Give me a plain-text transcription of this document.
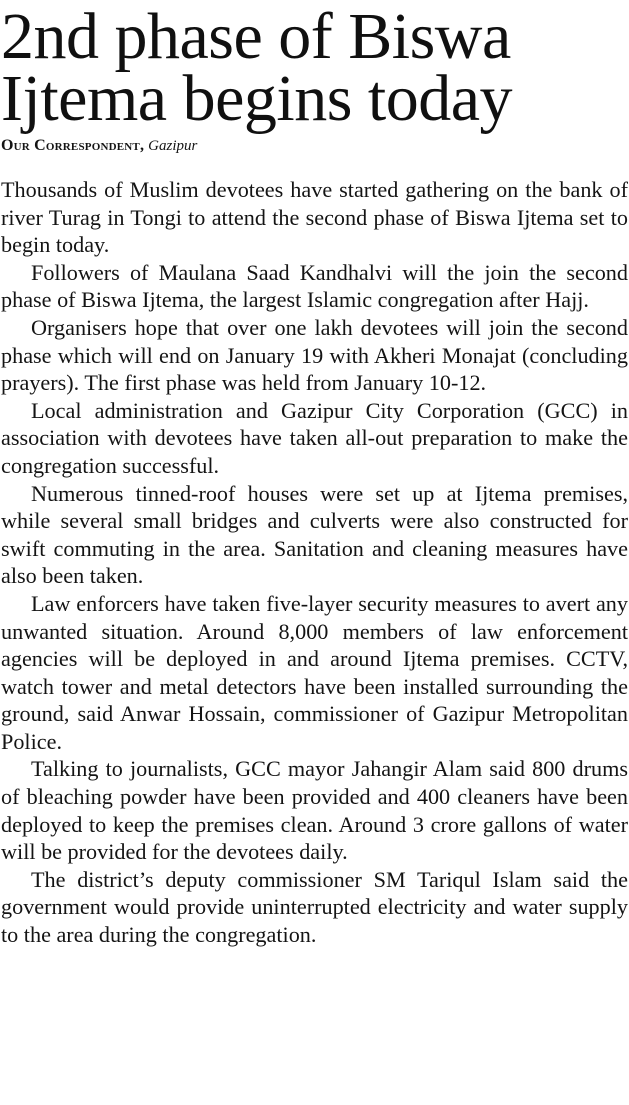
2nd phase of Biswa
Ijtema begins today
Our Correspondent, Gazipur

Thousands of Muslim devotees have started gathering on the bank of river Turag in Tongi to attend the second phase of Biswa Ijtema set to begin today.

Followers of Maulana Saad Kandhalvi will the join the second phase of Biswa Ijtema, the largest Islamic congregation after Hajj.

Organisers hope that over one lakh devotees will join the second phase which will end on January 19 with Akheri Monajat (concluding prayers). The first phase was held from January 10-12.

Local administration and Gazipur City Corporation (GCC) in association with devotees have taken all-out preparation to make the congregation successful.

Numerous tinned-roof houses were set up at Ijtema premises, while several small bridges and culverts were also constructed for swift commuting in the area. Sanitation and cleaning measures have also been taken.

Law enforcers have taken five-layer security measures to avert any unwanted situation. Around 8,000 members of law enforcement agencies will be deployed in and around Ijtema premises. CCTV, watch tower and metal detectors have been installed surrounding the ground, said Anwar Hossain, commissioner of Gazipur Metropolitan Police.

Talking to journalists, GCC mayor Jahangir Alam said 800 drums of bleaching powder have been provided and 400 cleaners have been deployed to keep the premises clean. Around 3 crore gallons of water will be provided for the devotees daily.

The district’s deputy commissioner SM Tariqul Islam said the government would provide uninterrupted electricity and water supply to the area during the congregation.
